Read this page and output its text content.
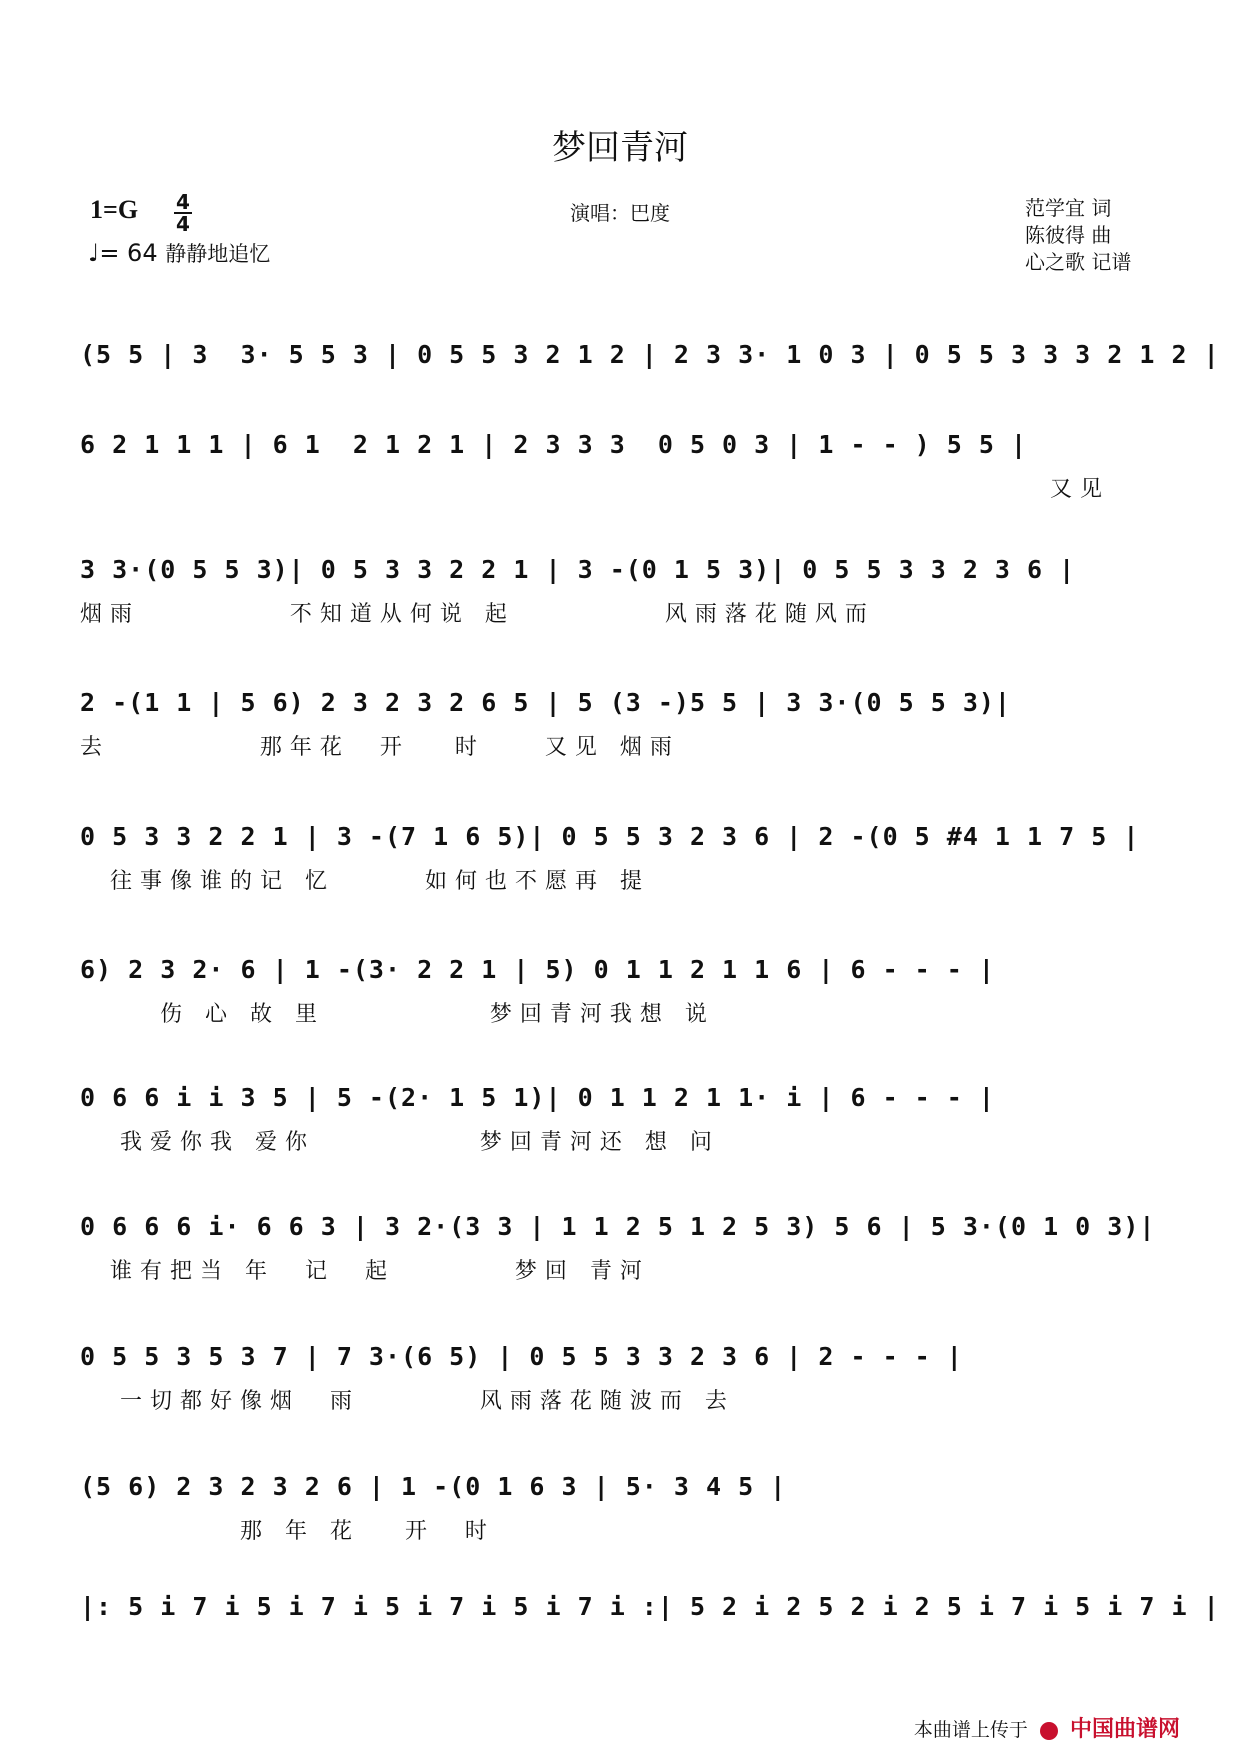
梦回青河
1=G 4
4
♩= 64 静静地追忆
演唱：巴度	范学宜 词
陈彼得 曲
心之歌 记谱
(5 5 | 3  3· 5 5 3 | 0 5 5 3 2 1 2 | 2 3 3· 1 0 3 | 0 5 5 3 3 3 2 1 2 |
6 2 1 1 1 | 6 1  2 1 2 1 | 2 3 3 3  0 5 0 3 | 1 - - ) 5 5 |
又见
3 3·(0 5 5 3)| 0 5 3 3 2 2 1 | 3 -(0 1 5 3)| 0 5 5 3 3 2 3 6 |
烟雨          不知道从何说 起          风雨落花随风而
2 -(1 1 | 5 6) 2 3 2 3 2 6 5 | 5 (3 -)5 5 | 3 3·(0 5 5 3)|
去          那年花  开   时    又见 烟雨
0 5 3 3 2 2 1 | 3 -(7 1 6 5)| 0 5 5 3 2 3 6 | 2 -(0 5 #4 1 1 7 5 |
往事像谁的记 忆      如何也不愿再 提
6) 2 3 2· 6 | 1 -(3· 2 2 1 | 5) 0 1 1 2 1 1 6 | 6 - - - |
伤 心 故 里           梦回青河我想 说
0 6 6 i i 3 5 | 5 -(2· 1 5 1)| 0 1 1 2 1 1· i | 6 - - - |
我爱你我 爱你           梦回青河还 想 问
0 6 6 6 i· 6 6 3 | 3 2·(3 3 | 1 1 2 5 1 2 5 3) 5 6 | 5 3·(0 1 0 3)|
谁有把当 年  记  起        梦回 青河
0 5 5 3 5 3 7 | 7 3·(6 5) | 0 5 5 3 3 2 3 6 | 2 - - - |
一切都好像烟  雨        风雨落花随波而 去
(5 6) 2 3 2 3 2 6 | 1 -(0 1 6 3 | 5· 3 4 5 |
那 年 花   开  时
|: 5 i 7 i 5 i 7 i 5 i 7 i 5 i 7 i :| 5 2 i 2 5 2 i 2 5 i 7 i 5 i 7 i |
本曲谱上传于 中国曲谱网
